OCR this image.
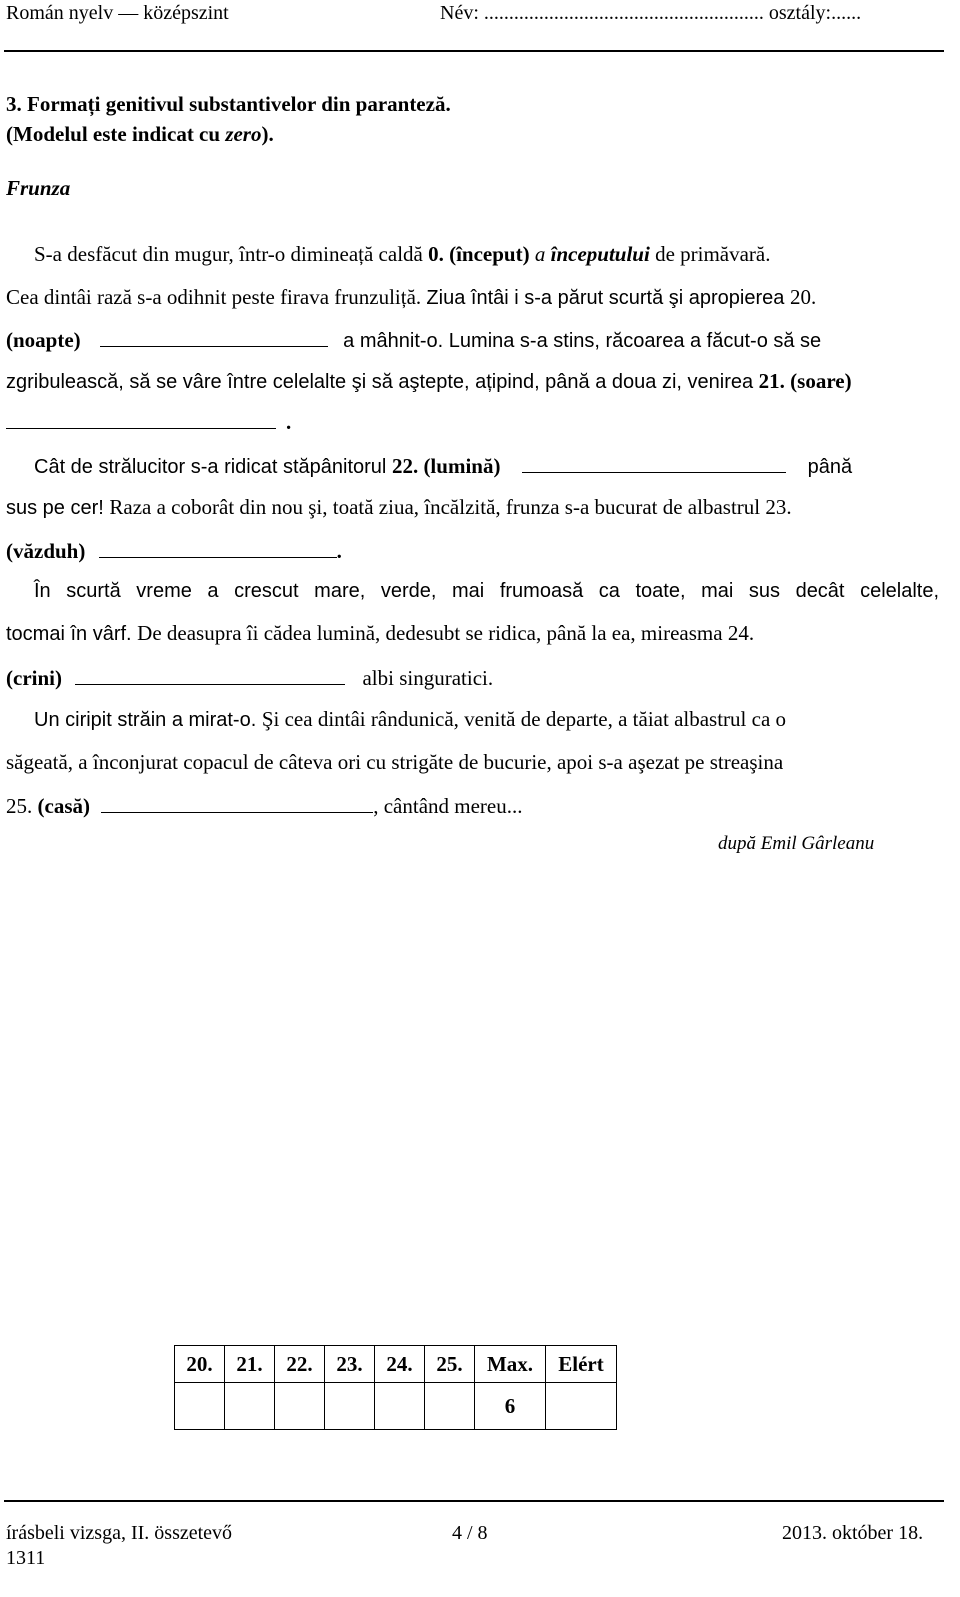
Román nyelv — középszint	Név: ........................................................ osztály:......
3. Formați genitivul substantivelor din paranteză.
(Modelul este indicat cu zero).
Frunza
S-a desfăcut din mugur, într-o dimineață caldă 0. (început) a începutului de primăvară.
Cea dintâi rază s-a odihnit peste firava frunzuliță. Ziua întâi i s-a părut scurtă şi apropierea 20.
(noapte)	a mâhnit-o. Lumina s-a stins, răcoarea a făcut-o să se
zgribulească, să se vâre între celelalte şi să aştepte, ațipind, până a doua zi, venirea 21. (soare)
.
Cât de strălucitor s-a ridicat stăpânitorul 22. (lumină)	până
sus pe cer! Raza a coborât din nou şi, toată ziua, încălzită, frunza s-a bucurat de albastrul 23.
(văzduh)	.
În scurtă vreme a crescut mare, verde, mai frumoasă ca toate, mai sus decât celelalte,
tocmai în vârf. De deasupra îi cădea lumină, dedesubt se ridica, până la ea, mireasma 24.
(crini)	albi singuratici.
Un ciripit străin a mirat-o. Şi cea dintâi rândunică, venită de departe, a tăiat albastrul ca o
săgeată, a înconjurat copacul de câteva ori cu strigăte de bucurie, apoi s-a aşezat pe streaşina
25. (casă)	, cântând mereu...
după Emil Gârleanu
20.	21.	22.	23.	24.	25.	Max.	Elért
						6	
írásbeli vizsga, II. összetevő
1311
4 / 8	2013. október 18.
